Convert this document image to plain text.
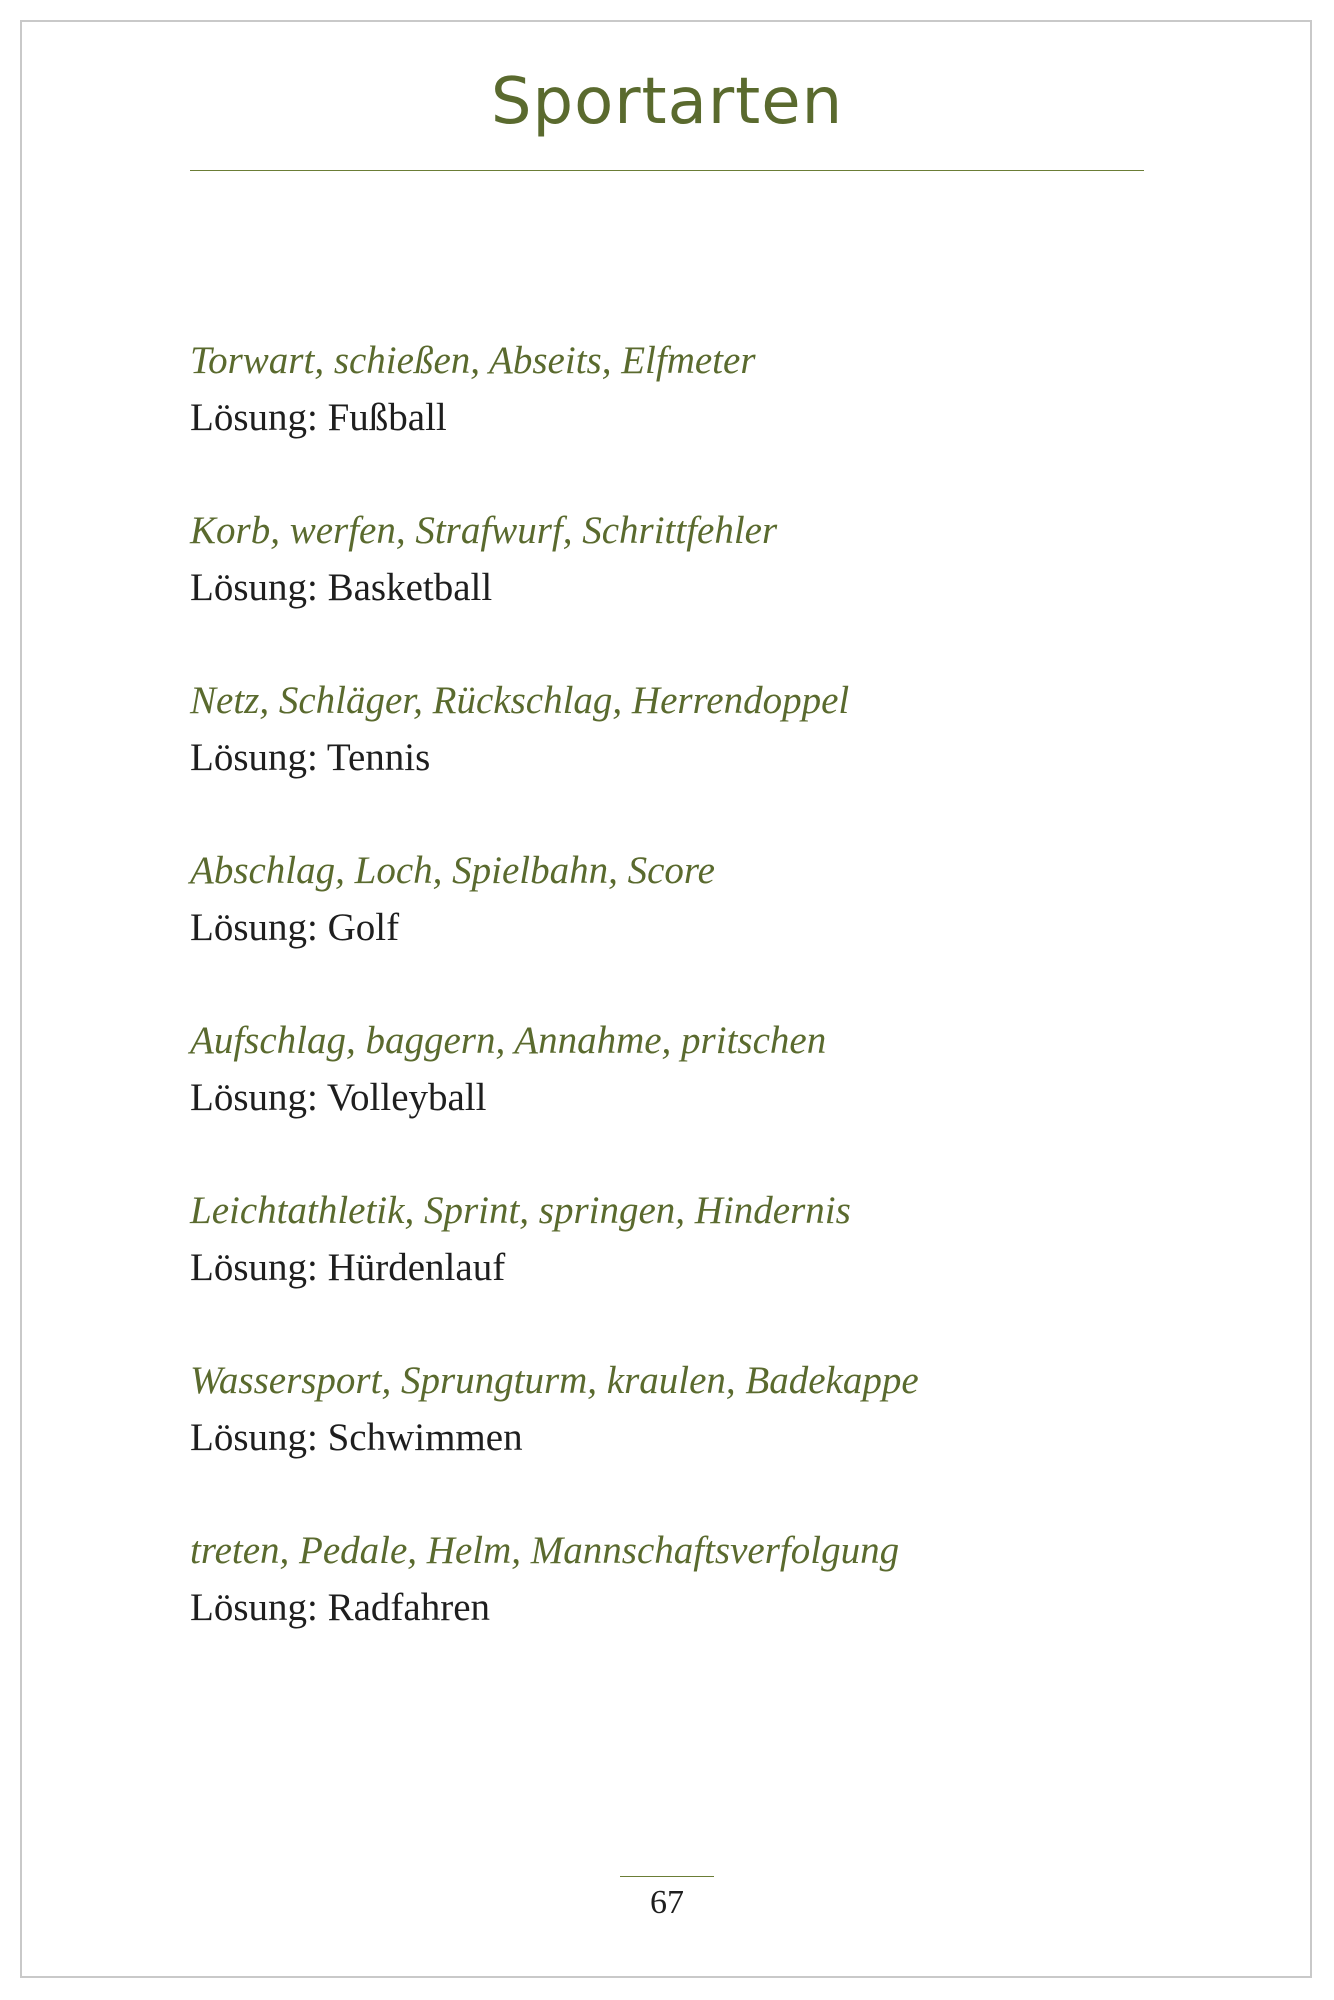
Sportarten

Torwart, schießen, Abseits, Elfmeter

Lösung: Fußball

Korb, werfen, Strafwurf, Schrittfehler

Lösung: Basketball

Netz, Schläger, Rückschlag, Herrendoppel

Lösung: Tennis

Abschlag, Loch, Spielbahn, Score

Lösung: Golf

Aufschlag, baggern, Annahme, pritschen

Lösung: Volleyball

Leichtathletik, Sprint, springen, Hindernis

Lösung: Hürdenlauf

Wassersport, Sprungturm, kraulen, Badekappe

Lösung: Schwimmen

treten, Pedale, Helm, Mannschaftsverfolgung

Lösung: Radfahren

67
